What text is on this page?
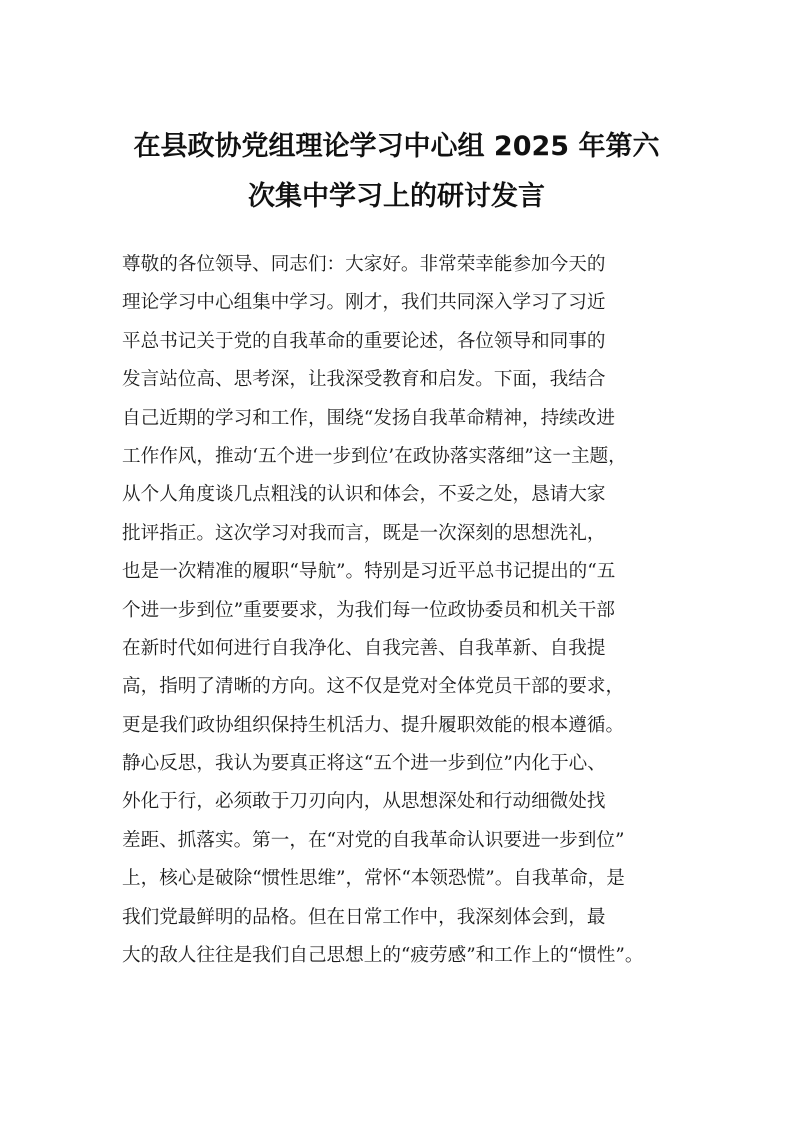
在县政协党组理论学习中心组 2025 年第六
次集中学习上的研讨发言
尊敬的各位领导、同志们：大家好。非常荣幸能参加今天的
理论学习中心组集中学习。刚才，我们共同深入学习了习近
平总书记关于党的自我革命的重要论述，各位领导和同事的
发言站位高、思考深，让我深受教育和启发。下面，我结合
自己近期的学习和工作，围绕“发扬自我革命精神，持续改进
工作作风，推动‘五个进一步到位’在政协落实落细”这一主题，
从个人角度谈几点粗浅的认识和体会，不妥之处，恳请大家
批评指正。这次学习对我而言，既是一次深刻的思想洗礼，
也是一次精准的履职“导航”。特别是习近平总书记提出的“五
个进一步到位”重要要求，为我们每一位政协委员和机关干部
在新时代如何进行自我净化、自我完善、自我革新、自我提
高，指明了清晰的方向。这不仅是党对全体党员干部的要求，
更是我们政协组织保持生机活力、提升履职效能的根本遵循。
静心反思，我认为要真正将这“五个进一步到位”内化于心、
外化于行，必须敢于刀刃向内，从思想深处和行动细微处找
差距、抓落实。第一，在“对党的自我革命认识要进一步到位”
上，核心是破除“惯性思维”，常怀“本领恐慌”。自我革命，是
我们党最鲜明的品格。但在日常工作中，我深刻体会到，最
大的敌人往往是我们自己思想上的“疲劳感”和工作上的“惯性”。
